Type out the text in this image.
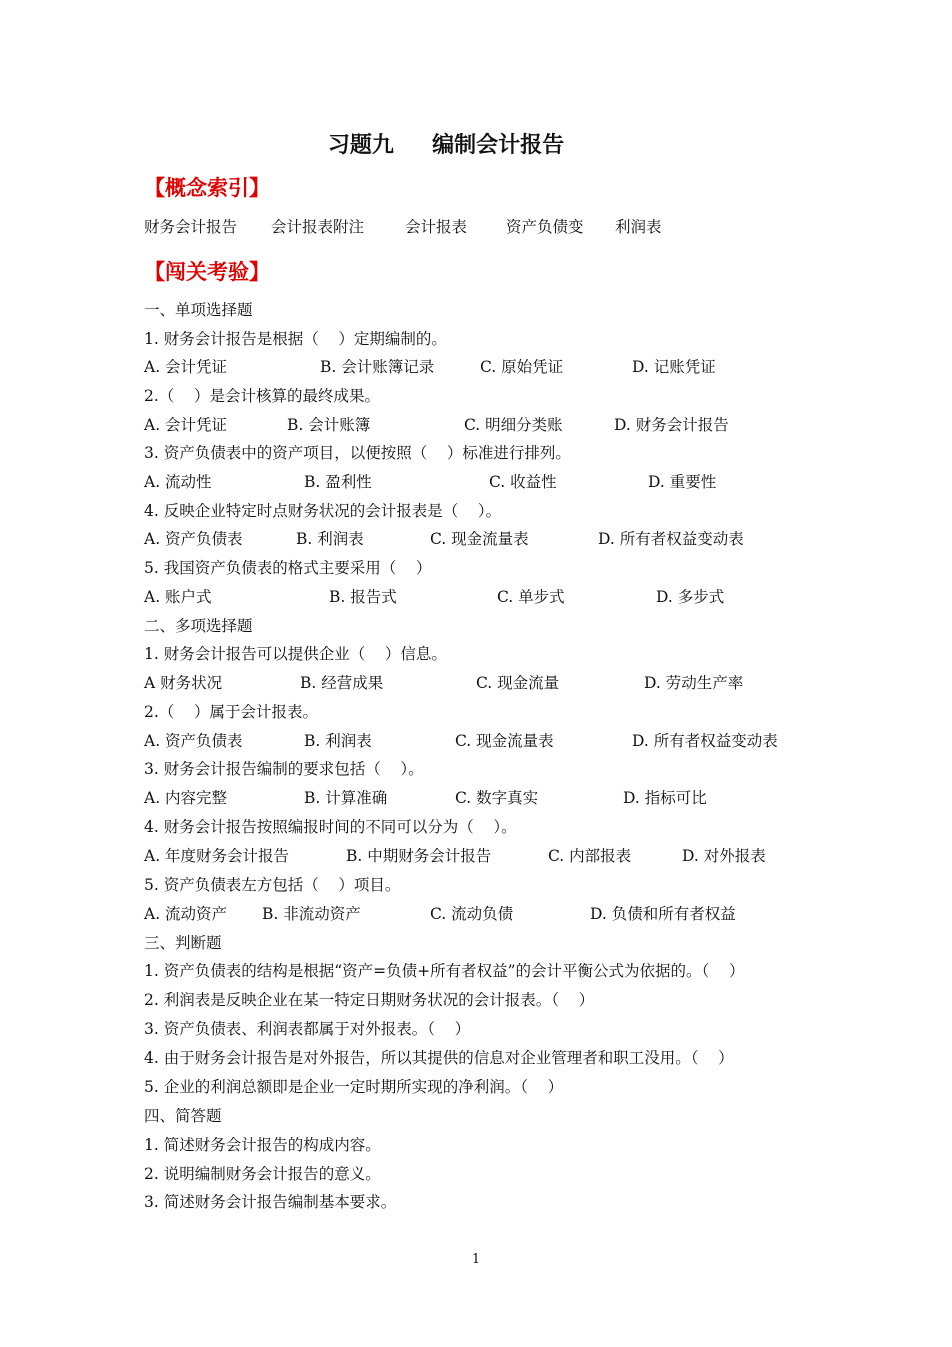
习题九     编制会计报告
【概念索引】

财务会计报告

会计报表附注

	会计报表

	资产负债变

利润表

【闯关考验】
一、单项选择题
1. 财务会计报告是根据（    ）定期编制的。

A. 会计凭证

	B. 会计账簿记录

	C. 原始凭证

	D. 记账凭证

2.（    ）是会计核算的最终成果。

A. 会计凭证

	B. 会计账簿

	C. 明细分类账

	D. 财务会计报告

3. 资产负债表中的资产项目，以便按照（    ）标准进行排列。

A. 流动性

	B. 盈利性

	C. 收益性

	D. 重要性

4. 反映企业特定时点财务状况的会计报表是（    ）。

A. 资产负债表

	B. 利润表

	C. 现金流量表

	D. 所有者权益变动表

5. 我国资产负债表的格式主要采用（    ）

A. 账户式

	B. 报告式

	C. 单步式

	D. 多步式

二、多项选择题
1. 财务会计报告可以提供企业（    ）信息。

A 财务状况

	B. 经营成果

	C. 现金流量

	D. 劳动生产率

2.（    ）属于会计报表。

A. 资产负债表

	B. 利润表

	C. 现金流量表

	D. 所有者权益变动表

3. 财务会计报告编制的要求包括（    ）。

A. 内容完整

	B. 计算准确

	C. 数字真实

	D. 指标可比

4. 财务会计报告按照编报时间的不同可以分为（    ）。

A. 年度财务会计报告

	B. 中期财务会计报告

	C. 内部报表

	D. 对外报表

5. 资产负债表左方包括（    ）项目。

A. 流动资产

B. 非流动资产

	C. 流动负债

	D. 负债和所有者权益

三、判断题
1. 资产负债表的结构是根据“资产=负债+所有者权益”的会计平衡公式为依据的。（    ）
2. 利润表是反映企业在某一特定日期财务状况的会计报表。（    ）
3. 资产负债表、利润表都属于对外报表。（    ）
4. 由于财务会计报告是对外报告，所以其提供的信息对企业管理者和职工没用。（    ）
5. 企业的利润总额即是企业一定时期所实现的净利润。（    ）
四、简答题
1. 简述财务会计报告的构成内容。
2. 说明编制财务会计报告的意义。
3. 简述财务会计报告编制基本要求。
1
